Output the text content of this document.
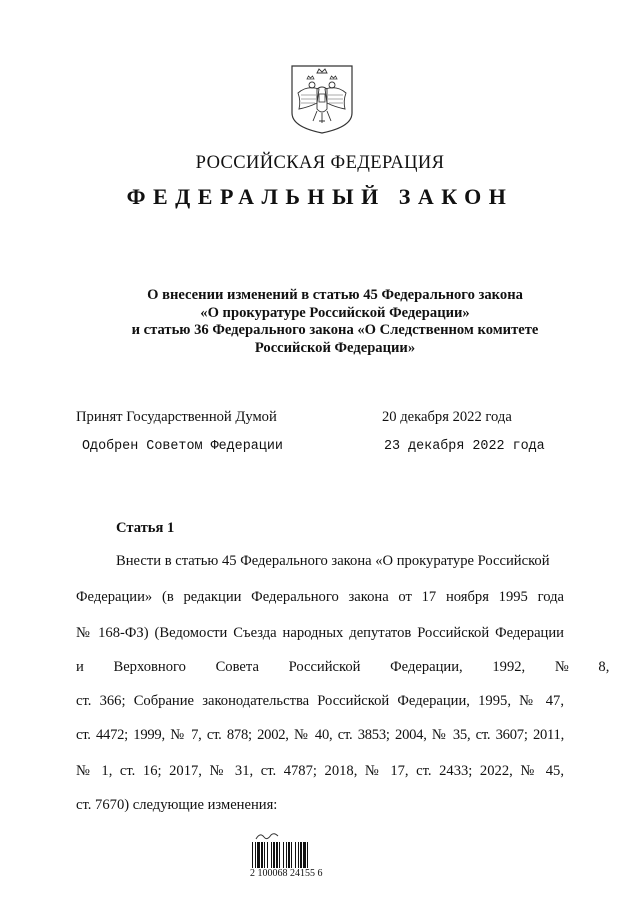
РОССИЙСКАЯ ФЕДЕРАЦИЯ
ФЕДЕРАЛЬНЫЙ ЗАКОН
О внесении изменений в статью 45 Федерального закона
«О прокуратуре Российской Федерации»
и статью 36 Федерального закона «О Следственном комитете
Российской Федерации»
Принят Государственной Думой	20 декабря 2022 года
Одобрен Советом Федерации	23 декабря 2022 года
Статья 1
Внести в статью 45 Федерального закона «О прокуратуре Российской
Федерации» (в редакции Федерального закона от 17 ноября 1995 года
№ 168-ФЗ) (Ведомости Съезда народных депутатов Российской Федерации
и Верховного Совета Российской Федерации, 1992, № 8,
ст. 366; Собрание законодательства Российской Федерации, 1995, № 47,
ст. 4472; 1999, № 7, ст. 878; 2002, № 40, ст. 3853; 2004, № 35, ст. 3607; 2011,
№ 1, ст. 16; 2017, № 31, ст. 4787; 2018, № 17, ст. 2433; 2022, № 45,
ст. 7670) следующие изменения:
2 100068 24155 6
